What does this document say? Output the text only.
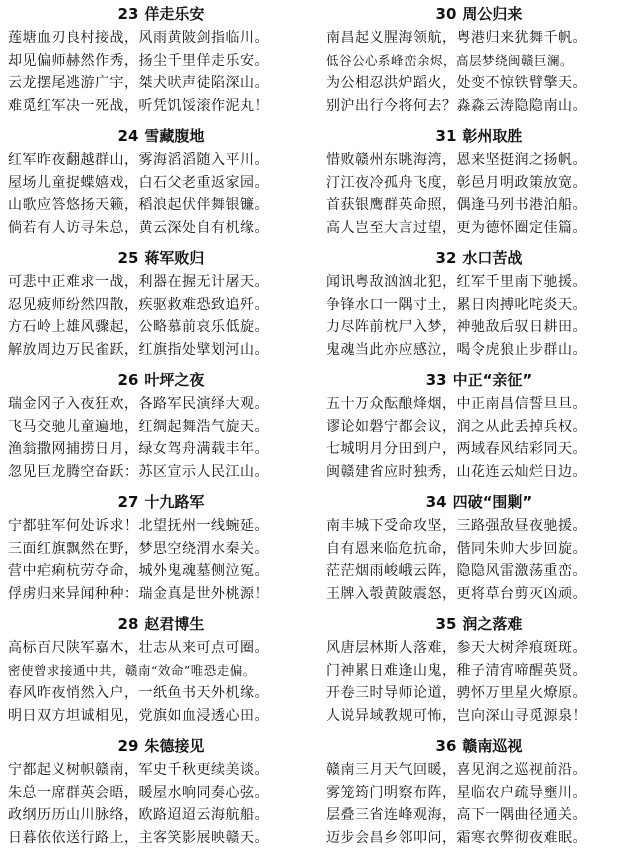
23 佯走乐安
莲塘血刃良村接战，风雨黄陂剑指临川。
却见偏师赫然作秀，扬尘千里佯走乐安。
云龙摆尾逃游广宇，桀犬吠声徒陷深山。
难觅红军决一死战，听凭饥馁滚作泥丸！
24 雪藏腹地
红军昨夜翻越群山，雾海滔滔随入平川。
屋场儿童捉蝶嬉戏，白石父老重返家园。
山歌应答悠扬天籁，稻浪起伏伴舞银镰。
倘若有人访寻朱总，黄云深处自有机缘。
25 蒋军败归
可悲中正难求一战，利器在握无计屠天。
忍见疲师纷然四散，疾驱救难恐致追歼。
方石岭上雄风骤起，公略慕前哀乐低旋。
解放周边万民雀跃，红旗指处擘划河山。
26 叶坪之夜
瑞金冈子入夜狂欢，各路军民演绎大观。
飞马交驰儿童遍地，红绸起舞浩气旋天。
渔翁撒网捕捞日月，绿女驾舟满载丰年。
忽见巨龙腾空奋跃：苏区宣示人民江山。
27 十九路军
宁都驻军何处诉求！北望抚州一线蜿延。
三面红旗飘然在野，梦思空绕渭水秦关。
营中疟痢杭劳夺命，城外鬼魂墓侧泣冤。
俘虏归来异闻种种：瑞金真是世外桃源！
28 赵君博生
高标百尺陕军嘉木，壮志从来可点可圈。
密使曾求接通中共，赣南“效命”唯恐走偏。
春风昨夜悄然入户，一纸鱼书天外机缘。
明日双方坦诚相见，党旗如血浸透心田。
29 朱德接见
宁都起义树帜赣南，军史千秋更续美谈。
朱总一席群英会晤，暖屋水响同奏心弦。
政纲历历山川脉络，欧路迢迢云海航船。
日暮依依送行路上，主客笑影展映赣天。
30 周公归来
南昌起义腥海领航，粤港归来犹舞千帆。
低谷公心系峰峦余烬，高层梦绕闽赣巨澜。
为公相忍洪炉蹈火，处变不惊铁臂擎天。
别沪出行今将何去？淼淼云涛隐隐南山。
31 彰州取胜
惜败赣州东眺海湾，恩来坚挺润之扬帆。
汀江夜冷孤舟飞度，彰邑月明政策放宽。
首获银鹰群英命照，偶逢马列书港泊船。
高人岂至大言过望，更为德怀圈定佳篇。
32 水口苦战
闻讯粤敌汹汹北犯，红军千里南下驰援。
争锋水口一隅寸土，累日肉搏叱咤炎天。
力尽阵前枕尸入梦，神驰敌后驭日耕田。
鬼魂当此亦应感泣，喝令虎狼止步群山。
33 中正“亲征”
五十万众酝酿烽烟，中正南昌信誓旦旦。
谬论如磐宁都会议，润之从此丢掉兵权。
七城明月分田到户，两域春风结彩同天。
闽赣建省应时独秀，山花连云灿烂日边。
34 四破“围剿”
南丰城下受命攻坚，三路强敌昼夜驰援。
自有恩来临危抗命，偕同朱帅大步回旋。
茫茫烟雨峻峨云阵，隐隐风雷激荡重峦。
王牌入彀黄陂震怒，更将草台剪灭凶顽。
35 润之落难
风唐层林斯人落难，参天大树斧痕斑斑。
门神累日难逢山鬼，稚子清宵啼醒英贤。
开卷三时导师论道，骋怀万里星火燎原。
人说异域教规可怖，岂向深山寻觅源泉！
36 赣南巡视
赣南三月天气回暖，喜见润之巡视前沿。
雾笼筠门明察布阵，星临农户疏导壅川。
层叠三省连峰观海，高下一隅曲径通关。
迈步会昌乡邻叩问，霜寒衣弊彻夜难眠。
